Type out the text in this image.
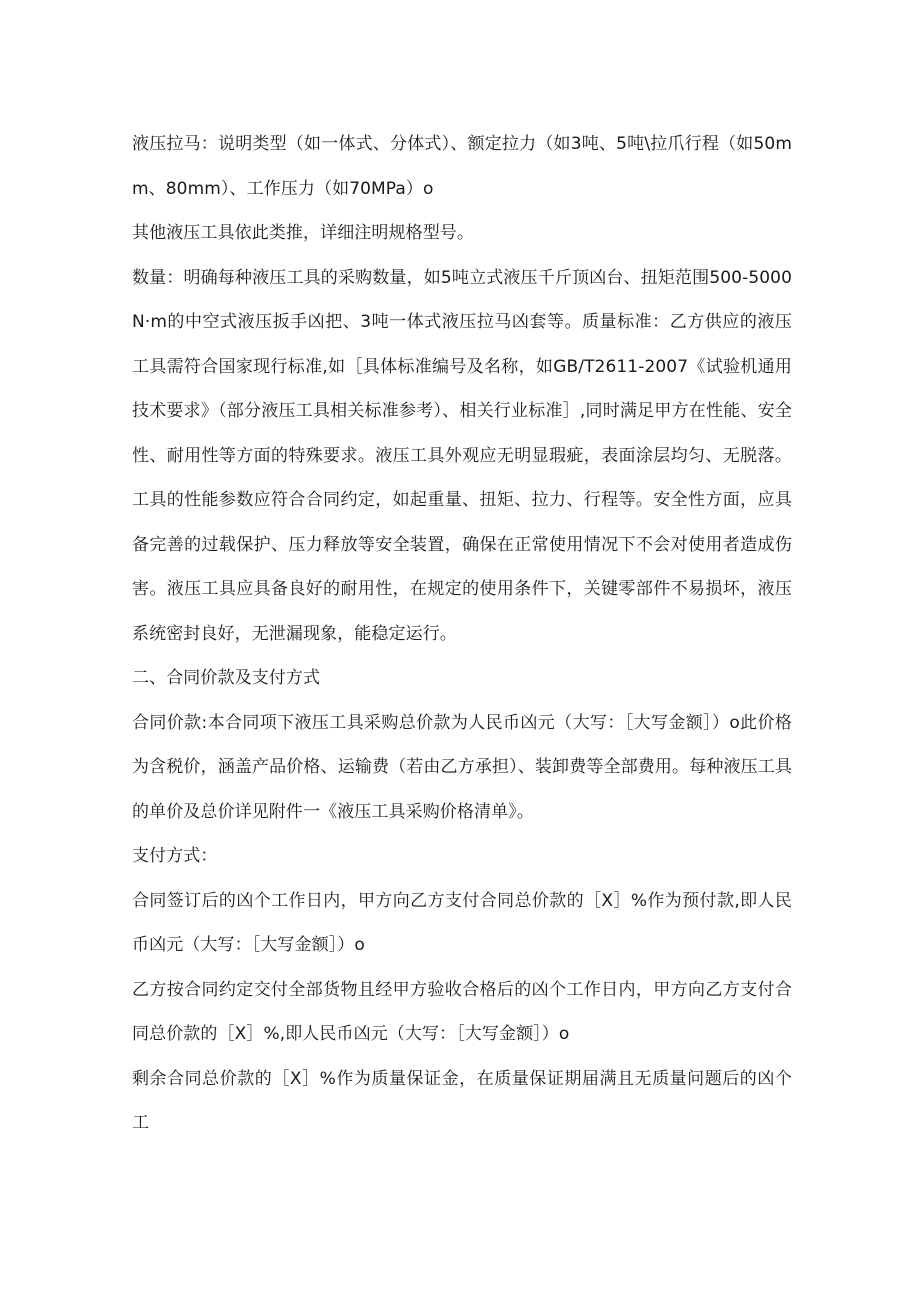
液压拉马：说明类型（如一体式、分体式）、额定拉力（如3吨、5吨\拉爪行程（如50mm、80mm）、工作压力（如70MPa）o

其他液压工具依此类推，详细注明规格型号。

数量：明确每种液压工具的采购数量，如5吨立式液压千斤顶凶台、扭矩范围500-5000N·m的中空式液压扳手凶把、3吨一体式液压拉马凶套等。质量标准：乙方供应的液压工具需符合国家现行标准,如［具体标准编号及名称，如GB/T2611-2007《试验机通用技术要求》（部分液压工具相关标准参考）、相关行业标准］,同时满足甲方在性能、安全性、耐用性等方面的特殊要求。液压工具外观应无明显瑕疵，表面涂层均匀、无脱落。工具的性能参数应符合合同约定，如起重量、扭矩、拉力、行程等。安全性方面，应具备完善的过载保护、压力释放等安全装置，确保在正常使用情况下不会对使用者造成伤害。液压工具应具备良好的耐用性，在规定的使用条件下，关键零部件不易损坏，液压系统密封良好，无泄漏现象，能稳定运行。

二、合同价款及支付方式

合同价款:本合同项下液压工具采购总价款为人民币凶元（大写：［大写金额］）o此价格为含税价，涵盖产品价格、运输费（若由乙方承担）、装卸费等全部费用。每种液压工具的单价及总价详见附件一《液压工具采购价格清单》。

支付方式：

合同签订后的凶个工作日内，甲方向乙方支付合同总价款的［X］%作为预付款,即人民币凶元（大写：［大写金额］）o

乙方按合同约定交付全部货物且经甲方验收合格后的凶个工作日内，甲方向乙方支付合同总价款的［X］%,即人民币凶元（大写：［大写金额］）o

剩余合同总价款的［X］%作为质量保证金，在质量保证期届满且无质量问题后的凶个工
